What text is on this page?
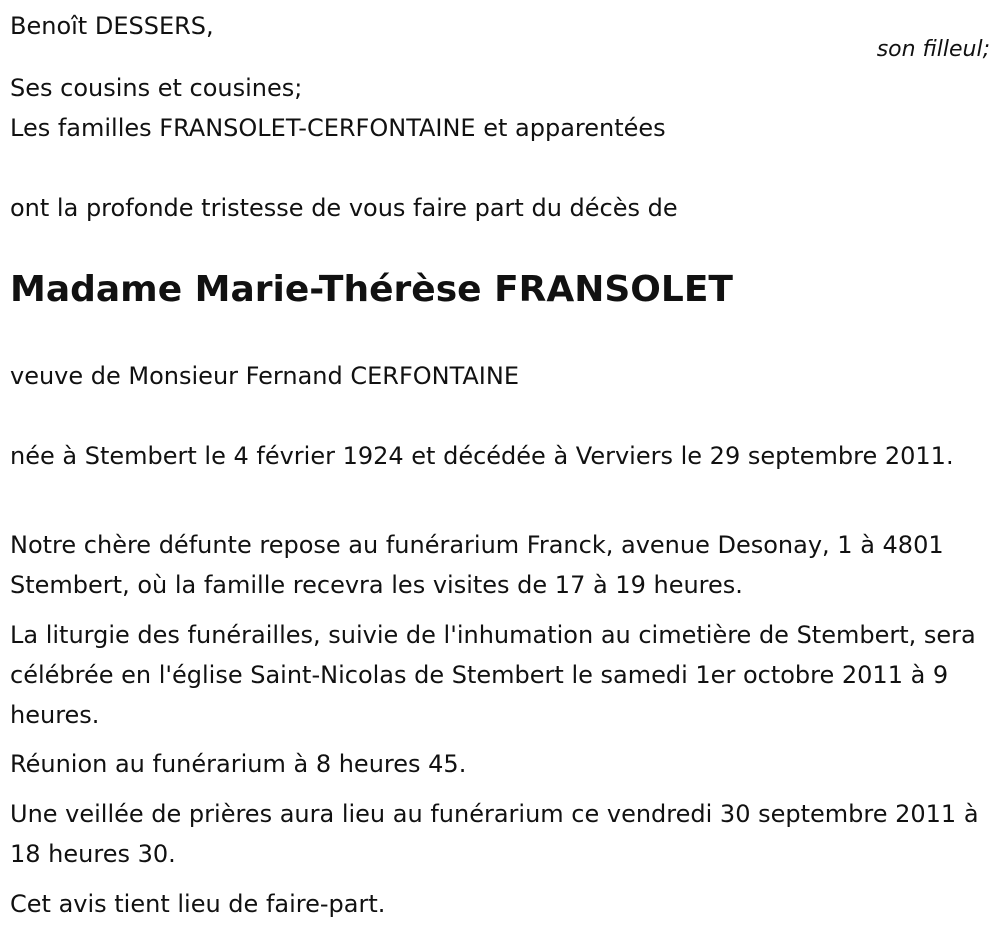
Benoît DESSERS,
son filleul;
Ses cousins et cousines;
Les familles FRANSOLET-CERFONTAINE et apparentées
ont la profonde tristesse de vous faire part du décès de
Madame Marie-Thérèse FRANSOLET
veuve de Monsieur Fernand CERFONTAINE

née à Stembert le 4 février 1924 et décédée à Verviers le 29 septembre 2011.

Notre chère défunte repose au funérarium Franck, avenue Desonay, 1 à 4801 Stembert, où la famille recevra les visites de 17 à 19 heures.

La liturgie des funérailles, suivie de l'inhumation au cimetière de Stembert, sera célébrée en l'église Saint-Nicolas de Stembert le samedi 1er octobre 2011 à 9 heures.

Réunion au funérarium à 8 heures 45.

Une veillée de prières aura lieu au funérarium ce vendredi 30 septembre 2011 à 18 heures 30.

Cet avis tient lieu de faire-part.
